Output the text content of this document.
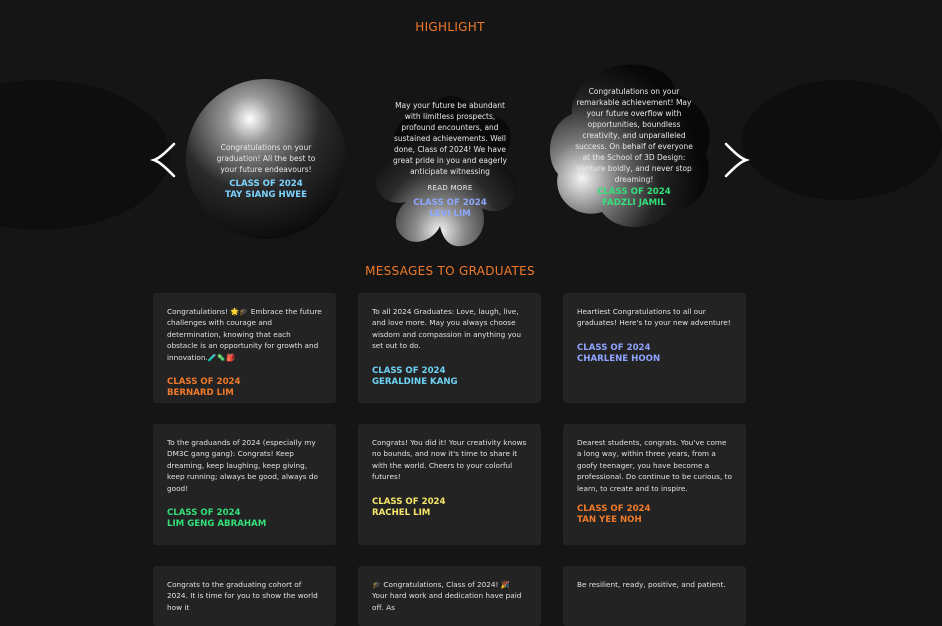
HIGHLIGHT
Congratulations on your graduation! All the best to your future endeavours!
CLASS OF 2024
TAY SIANG HWEE
May your future be abundant with limitless prospects, profound encounters, and sustained achievements. Well done, Class of 2024! We have great pride in you and eagerly anticipate witnessing
READ MORE
CLASS OF 2024
LEVI LIM
Congratulations on your remarkable achievement! May your future overflow with opportunities, boundless creativity, and unparalleled success. On behalf of everyone at the School of 3D Design: Venture boldly, and never stop dreaming!
CLASS OF 2024
FADZLI JAMIL
MESSAGES TO GRADUATES
Congratulations! 🌟🎓 Embrace the future challenges with courage and determination, knowing that each obstacle is an opportunity for growth and innovation.🧪🦠🎒
CLASS OF 2024
BERNARD LIM
To all 2024 Graduates: Love, laugh, live, and love more. May you always choose wisdom and compassion in anything you set out to do.
CLASS OF 2024
GERALDINE KANG
Heartiest Congratulations to all our graduates! Here's to your new adventure!
CLASS OF 2024
CHARLENE HOON
To the graduands of 2024 (especially my DM3C gang gang): Congrats! Keep dreaming, keep laughing, keep giving, keep running; always be good, always do good!
CLASS OF 2024
LIM GENG ABRAHAM
Congrats! You did it! Your creativity knows no bounds, and now it's time to share it with the world. Cheers to your colorful futures!
CLASS OF 2024
RACHEL LIM
Dearest students, congrats. You've come a long way, within three years, from a goofy teenager, you have become a professional. Do continue to be curious, to learn, to create and to inspire.
CLASS OF 2024
TAN YEE NOH
Congrats to the graduating cohort of 2024. It is time for you to show the world how it
🎓 Congratulations, Class of 2024! 🎉 Your hard work and dedication have paid off. As
Be resilient, ready, positive, and patient.
